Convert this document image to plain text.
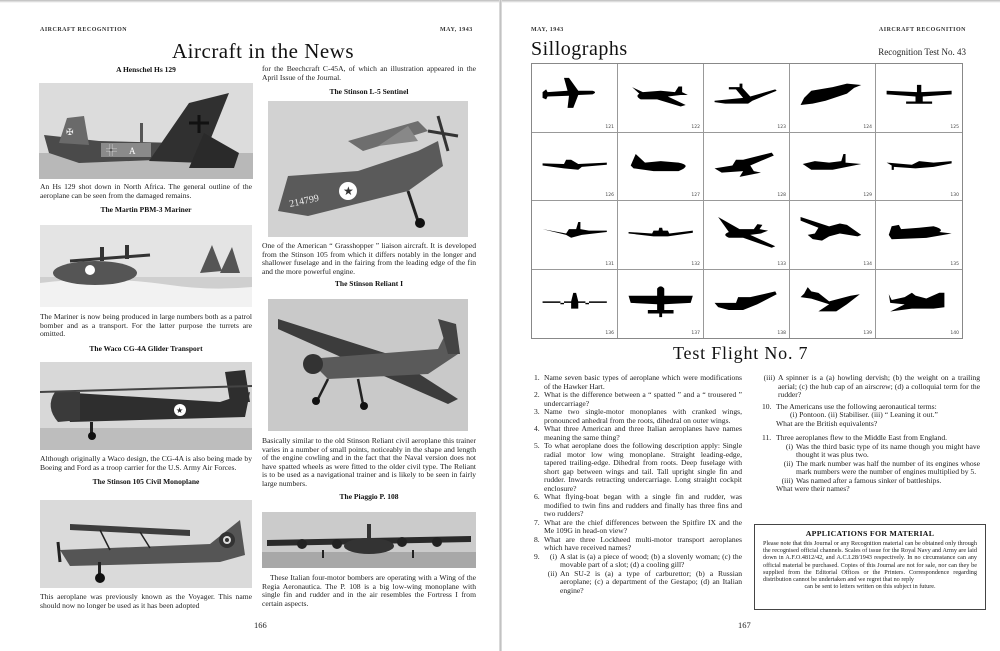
AIRCRAFT RECOGNITION	MAY, 1943
Aircraft in the News
A Henschel Hs 129
✠
A

An Hs 129 shot down in North Africa. The general outline of the aeroplane can be seen from the damaged remains.

The Martin PBM-3 Mariner

The Mariner is now being produced in large numbers both as a patrol bomber and as a transport. For the latter purpose the turrets are omitted.

The Waco CG-4A Glider Transport
★

Although originally a Waco design, the CG-4A is also being made by Boeing and Ford as a troop carrier for the U.S. Army Air Forces.

The Stinson 105 Civil Monoplane

This aeroplane was previously known as the Voyager. This name should now no longer be used as it has been adopted

for the Beechcraft C-45A, of which an illustration appeared in the April Issue of the Journal.

The Stinson L-5 Sentinel
★
214799

One of the American “ Grasshopper ” liaison aircraft. It is developed from the Stinson 105 from which it differs notably in the longer and shallower fuselage and in the fairing from the leading edge of the fin and the more powerful engine.

The Stinson Reliant I

Basically similar to the old Stinson Reliant civil aeroplane this trainer varies in a number of small points, noticeably in the shape and length of the engine cowling and in the fact that the Naval version does not have spatted wheels as were fitted to the older civil type. The Reliant is to be used as a navigational trainer and is likely to be seen in fairly large numbers.

The Piaggio P. 108

These Italian four-motor bombers are operating with a Wing of the Regia Aeronautica. The P. 108 is a big low-wing monoplane with single fin and rudder and in the air resembles the Fortress I from certain aspects.

166
MAY, 1943	AIRCRAFT RECOGNITION
Sillographs	Recognition Test No. 43
121	122	123	124	125
126	127	128	129	130
131	132	133	134	135
136	137	138	139	140
Test Flight No. 7
1. Name seven basic types of aeroplane which were modifications of the Hawker Hart.
2. What is the difference between a “ spatted ” and a “ trousered ” undercarriage?
3. Name two single-motor monoplanes with cranked wings, pronounced anhedral from the roots, dihedral on outer wings.
4. What three American and three Italian aeroplanes have names meaning the same thing?
5. To what aeroplane does the following description apply: Single radial motor low wing monoplane. Straight leading-edge, tapered trailing-edge. Dihedral from roots. Deep fuselage with short gap between wings and tail. Tall upright single fin and rudder. Inwards retracting undercarriage. Long straight cockpit enclosure?
6. What flying-boat began with a single fin and rudder, was modified to twin fins and rudders and finally has three fins and two rudders?
7. What are the chief differences between the Spitfire IX and the Me 109G in head-on view?
8. What are three Lockheed multi-motor transport aeroplanes which have received names?
9.	(i) A slat is (a) a piece of wood; (b) a slovenly woman; (c) the movable part of a slot; (d) a cooling gill?
(ii) An SU-2 is (a) a type of carburettor; (b) a Russian aeroplane; (c) a department of the Gestapo; (d) an Italian engine?
(iii) A spinner is a (a) howling dervish; (b) the weight on a trailing aerial; (c) the hub cap of an airscrew; (d) a colloquial term for the rudder?
10. The Americans use the following aeronautical terms:
(i) Pontoon. (ii) Stabiliser. (iii) “ Leaning it out.”
What are the British equivalents?
11. Three aeroplanes flew to the Middle East from England.
(i) Was the third basic type of its name though you might have thought it was plus two.
(ii) The mark number was half the number of its engines whose mark numbers were the number of engines multiplied by 5.
(iii) Was named after a famous sinker of battleships.
What were their names?
APPLICATIONS FOR MATERIAL

Please note that this Journal or any Recognition material can be obtained only through the recognised official channels. Scales of issue for the Royal Navy and Army are laid down in A.F.O.4812/42, and A.C.I.28/1943 respectively. In no circumstance can any official material be purchased. Copies of this Journal are not for sale, nor can they be supplied from the Editorial Offices or the Printers. Correspondence regarding distribution cannot be undertaken and we regret that no reply

can be sent to letters written on this subject in future.

167
